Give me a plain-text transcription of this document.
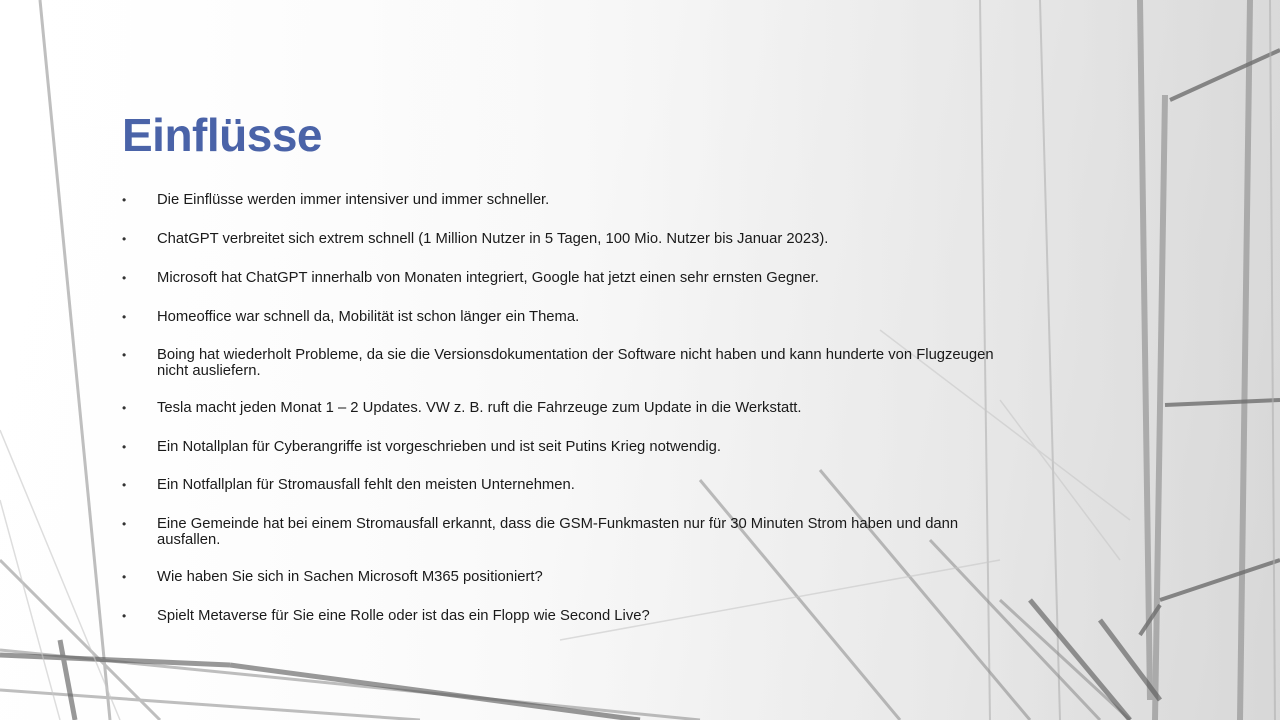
Einflüsse
• Die Einflüsse werden immer intensiver und immer schneller.
• ChatGPT verbreitet sich extrem schnell (1 Million Nutzer in 5 Tagen, 100 Mio. Nutzer bis Januar 2023).
• Microsoft hat ChatGPT innerhalb von Monaten integriert, Google hat jetzt einen sehr ernsten Gegner.
• Homeoffice war schnell da, Mobilität ist schon länger ein Thema.
• Boing hat wiederholt Probleme, da sie die Versionsdokumentation der Software nicht haben und kann hunderte von Flugzeugen nicht ausliefern.
• Tesla macht jeden Monat 1 – 2 Updates. VW z. B. ruft die Fahrzeuge zum Update in die Werkstatt.
• Ein Notallplan für Cyberangriffe ist vorgeschrieben und ist seit Putins Krieg notwendig.
• Ein Notfallplan für Stromausfall fehlt den meisten Unternehmen.
• Eine Gemeinde hat bei einem Stromausfall erkannt, dass die GSM-Funkmasten nur für 30 Minuten Strom haben und dann ausfallen.
• Wie haben Sie sich in Sachen Microsoft M365 positioniert?
• Spielt Metaverse für Sie eine Rolle oder ist das ein Flopp wie Second Live?
